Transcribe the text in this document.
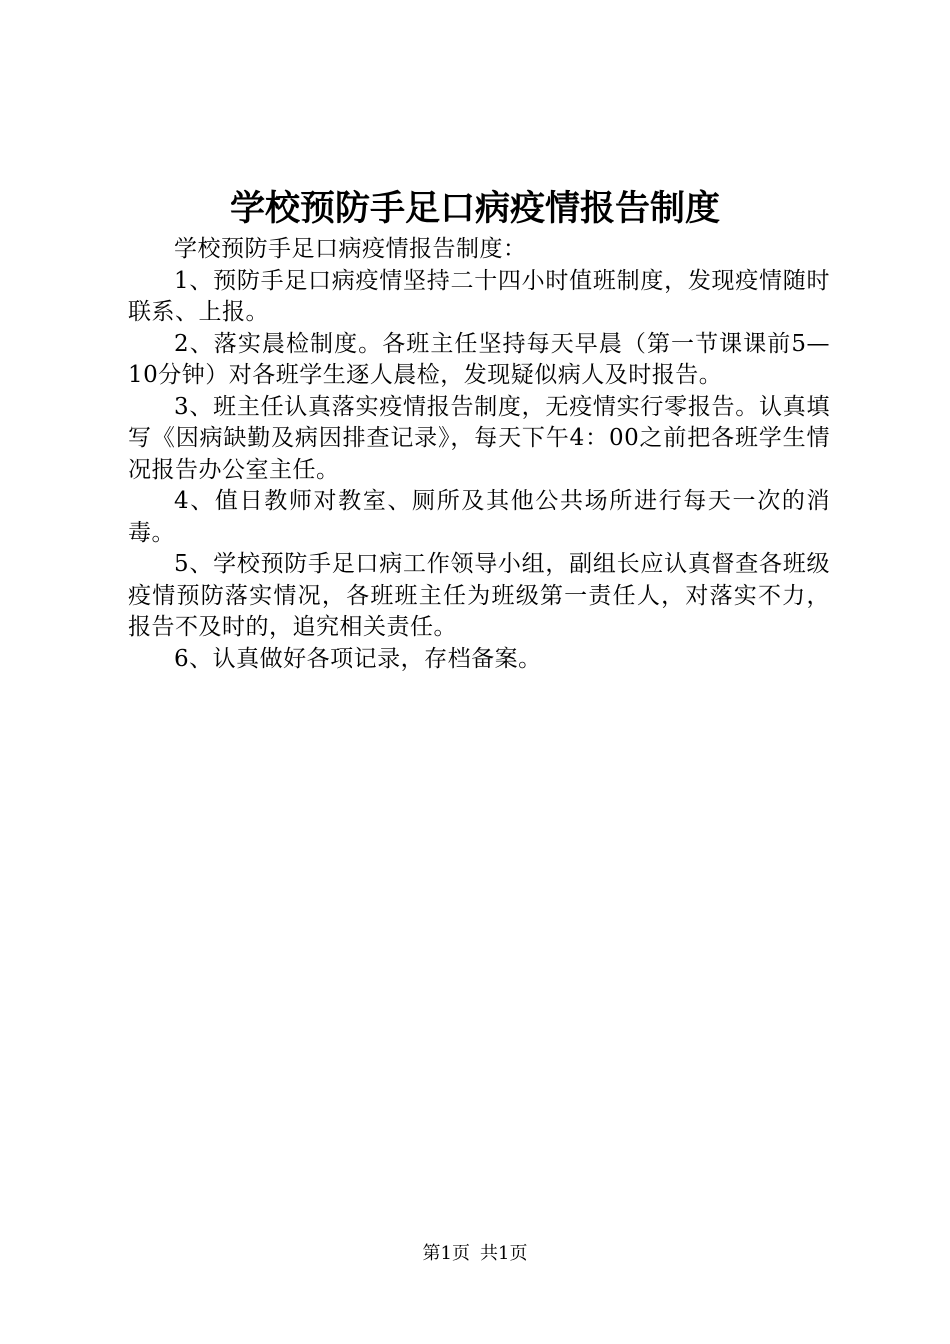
学校预防手足口病疫情报告制度

学校预防手足口病疫情报告制度：

1、预防手足口病疫情坚持二十四小时值班制度，发现疫情随时联系、上报。

2、落实晨检制度。各班主任坚持每天早晨（第一节课课前5—10分钟）对各班学生逐人晨检，发现疑似病人及时报告。

3、班主任认真落实疫情报告制度，无疫情实行零报告。认真填写《因病缺勤及病因排查记录》，每天下午4：00之前把各班学生情况报告办公室主任。

4、值日教师对教室、厕所及其他公共场所进行每天一次的消毒。

5、学校预防手足口病工作领导小组，副组长应认真督查各班级疫情预防落实情况，各班班主任为班级第一责任人，对落实不力，报告不及时的，追究相关责任。

6、认真做好各项记录，存档备案。

第1页 共1页
